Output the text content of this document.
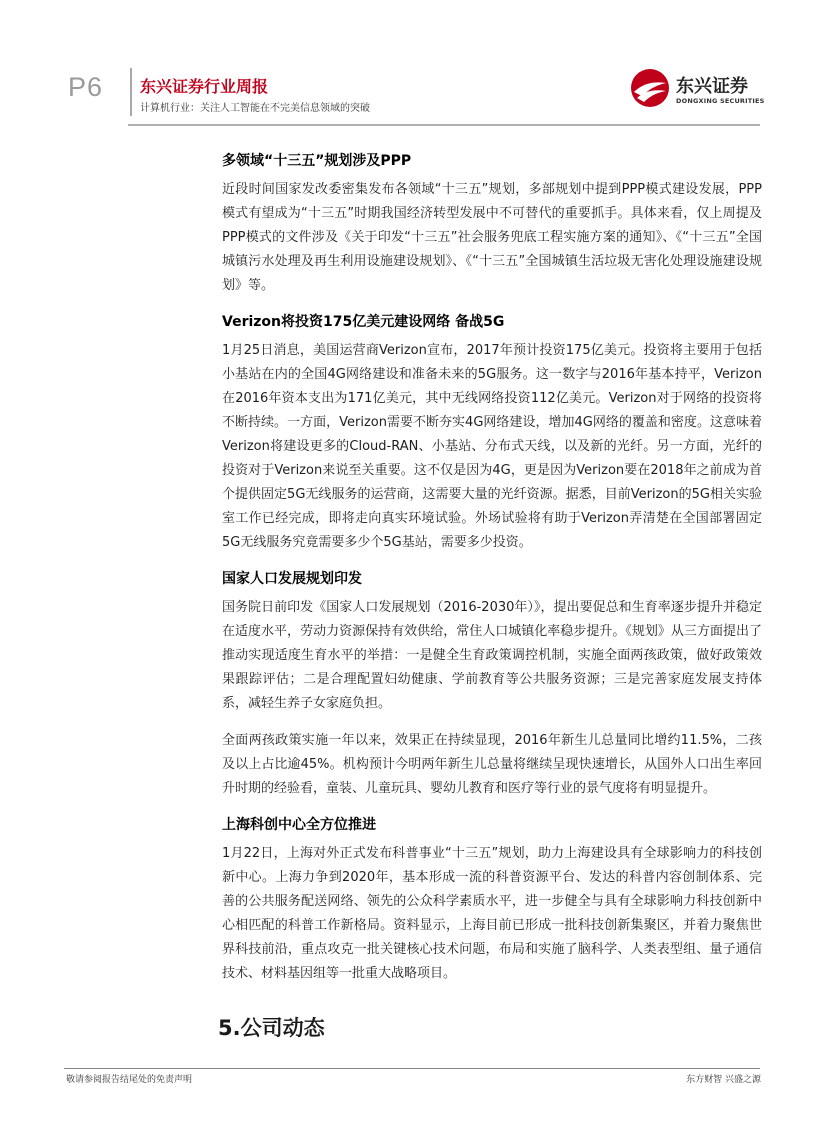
P6 东兴证券行业周报
计算机行业：关注人工智能在不完美信息领域的突破
东兴证券
DONGXING SECURITIES
多领域“十三五”规划涉及PPP

近段时间国家发改委密集发布各领域“十三五”规划，多部规划中提到PPP模式建设发展，PPP模式有望成为“十三五”时期我国经济转型发展中不可替代的重要抓手。具体来看，仅上周提及PPP模式的文件涉及《关于印发“十三五”社会服务兜底工程实施方案的通知》、《“十三五”全国城镇污水处理及再生利用设施建设规划》、《“十三五”全国城镇生活垃圾无害化处理设施建设规划》等。

Verizon将投资175亿美元建设网络 备战5G

1月25日消息，美国运营商Verizon宣布，2017年预计投资175亿美元。投资将主要用于包括小基站在内的全国4G网络建设和准备未来的5G服务。这一数字与2016年基本持平，Verizon在2016年资本支出为171亿美元，其中无线网络投资112亿美元。Verizon对于网络的投资将不断持续。一方面，Verizon需要不断夯实4G网络建设，增加4G网络的覆盖和密度。这意味着Verizon将建设更多的Cloud-RAN、小基站、分布式天线，以及新的光纤。另一方面，光纤的投资对于Verizon来说至关重要。这不仅是因为4G，更是因为Verizon要在2018年之前成为首个提供固定5G无线服务的运营商，这需要大量的光纤资源。据悉，目前Verizon的5G相关实验室工作已经完成，即将走向真实环境试验。外场试验将有助于Verizon弄清楚在全国部署固定5G无线服务究竟需要多少个5G基站，需要多少投资。

国家人口发展规划印发

国务院日前印发《国家人口发展规划（2016-2030年）》，提出要促总和生育率逐步提升并稳定在适度水平，劳动力资源保持有效供给，常住人口城镇化率稳步提升。《规划》从三方面提出了推动实现适度生育水平的举措：一是健全生育政策调控机制，实施全面两孩政策，做好政策效果跟踪评估；二是合理配置妇幼健康、学前教育等公共服务资源；三是完善家庭发展支持体系，减轻生养子女家庭负担。

全面两孩政策实施一年以来，效果正在持续显现，2016年新生儿总量同比增约11.5%，二孩及以上占比逾45%。机构预计今明两年新生儿总量将继续呈现快速增长，从国外人口出生率回升时期的经验看，童装、儿童玩具、婴幼儿教育和医疗等行业的景气度将有明显提升。

上海科创中心全方位推进

1月22日，上海对外正式发布科普事业“十三五”规划，助力上海建设具有全球影响力的科技创新中心。上海力争到2020年，基本形成一流的科普资源平台、发达的科普内容创制体系、完善的公共服务配送网络、领先的公众科学素质水平，进一步健全与具有全球影响力科技创新中心相匹配的科普工作新格局。资料显示，上海目前已形成一批科技创新集聚区，并着力聚焦世界科技前沿，重点攻克一批关键核心技术问题，布局和实施了脑科学、人类表型组、量子通信技术、材料基因组等一批重大战略项目。

5.公司动态
敬请参阅报告结尾处的免责声明	东方财智 兴盛之源
